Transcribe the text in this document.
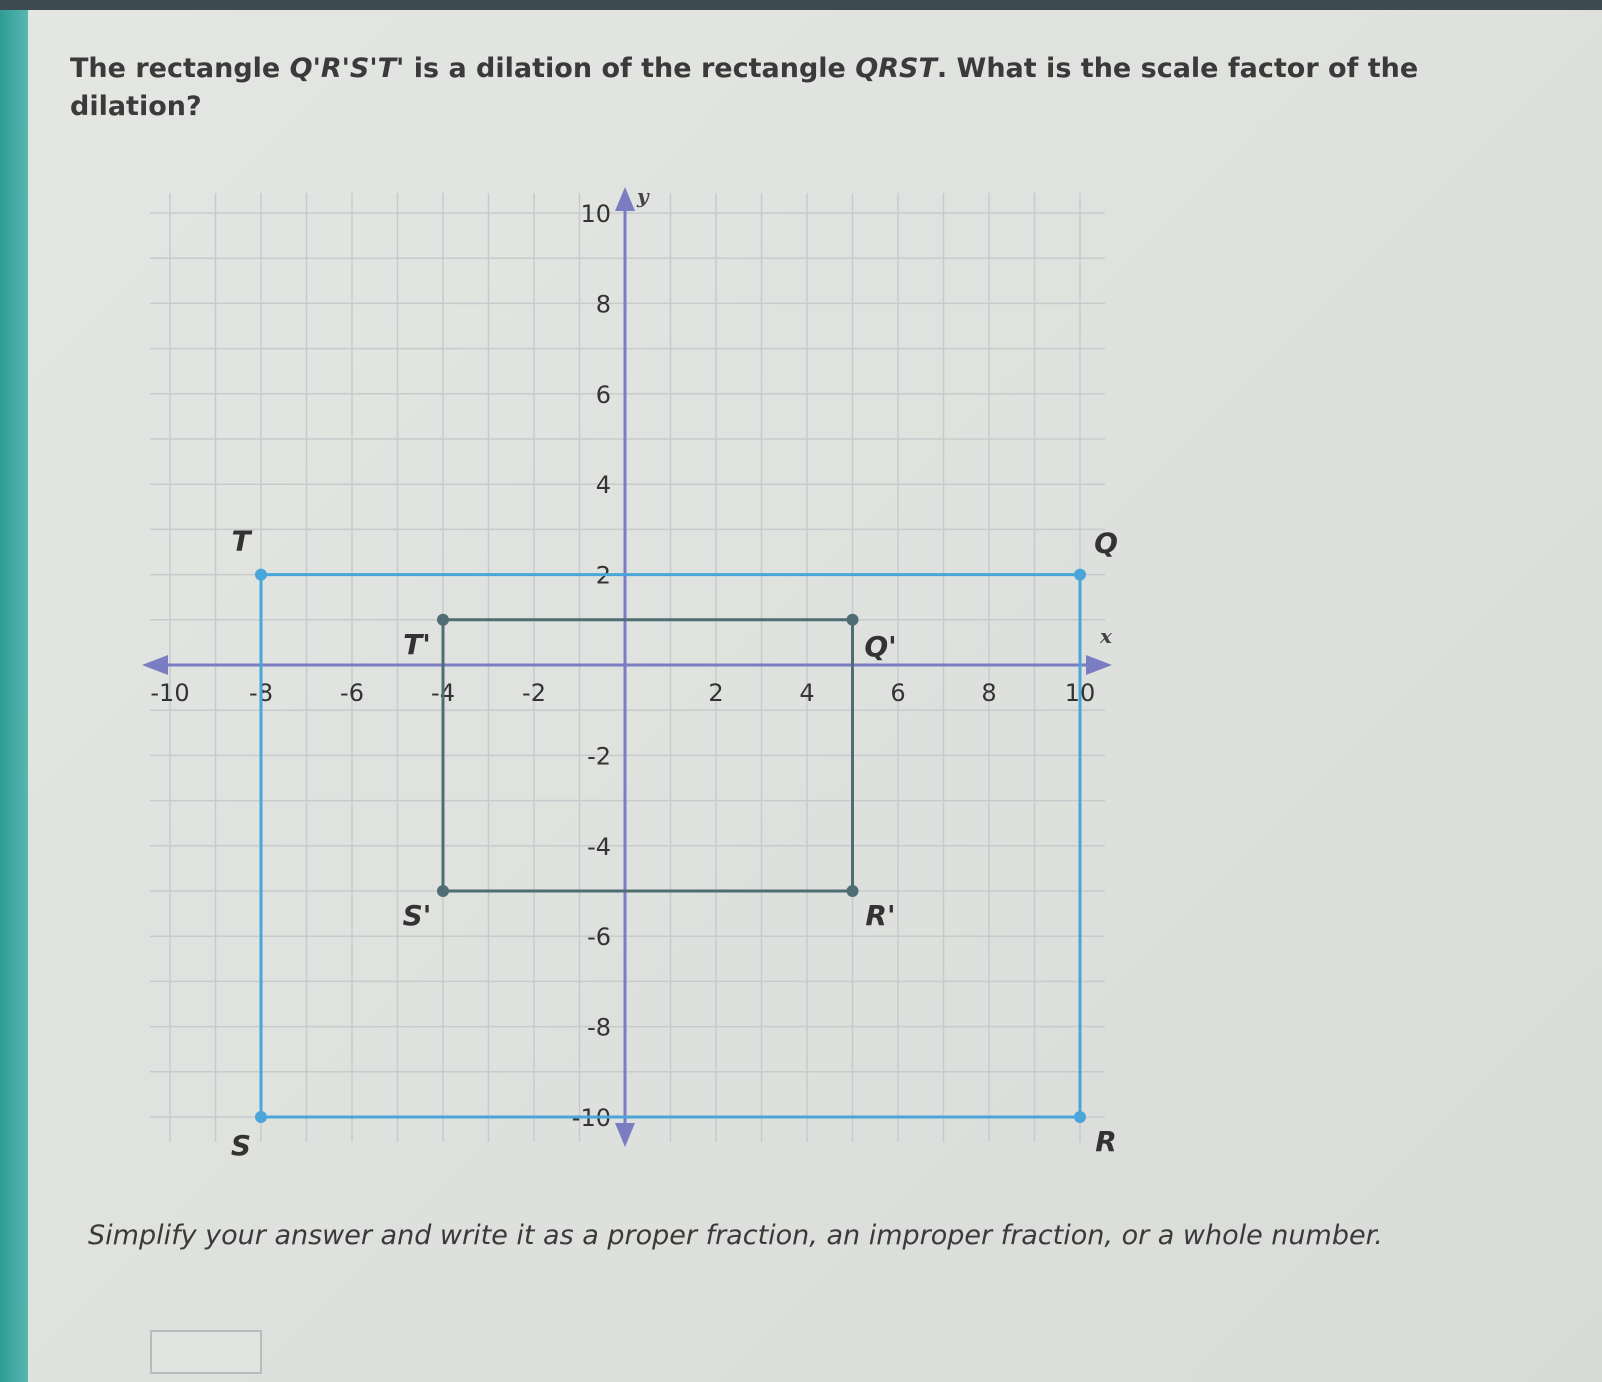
The rectangle Q'R'S'T' is a dilation of the rectangle QRST. What is the scale factor of the dilation?
x
y
-10 -8	-6	-4	-2	2	4	6	8	10
10
8
6
4
2
-2
-4
-6
-8
-10
Q
R
S
T
Q'
R'
S'
T'
Simplify your answer and write it as a proper fraction, an improper fraction, or a whole number.
